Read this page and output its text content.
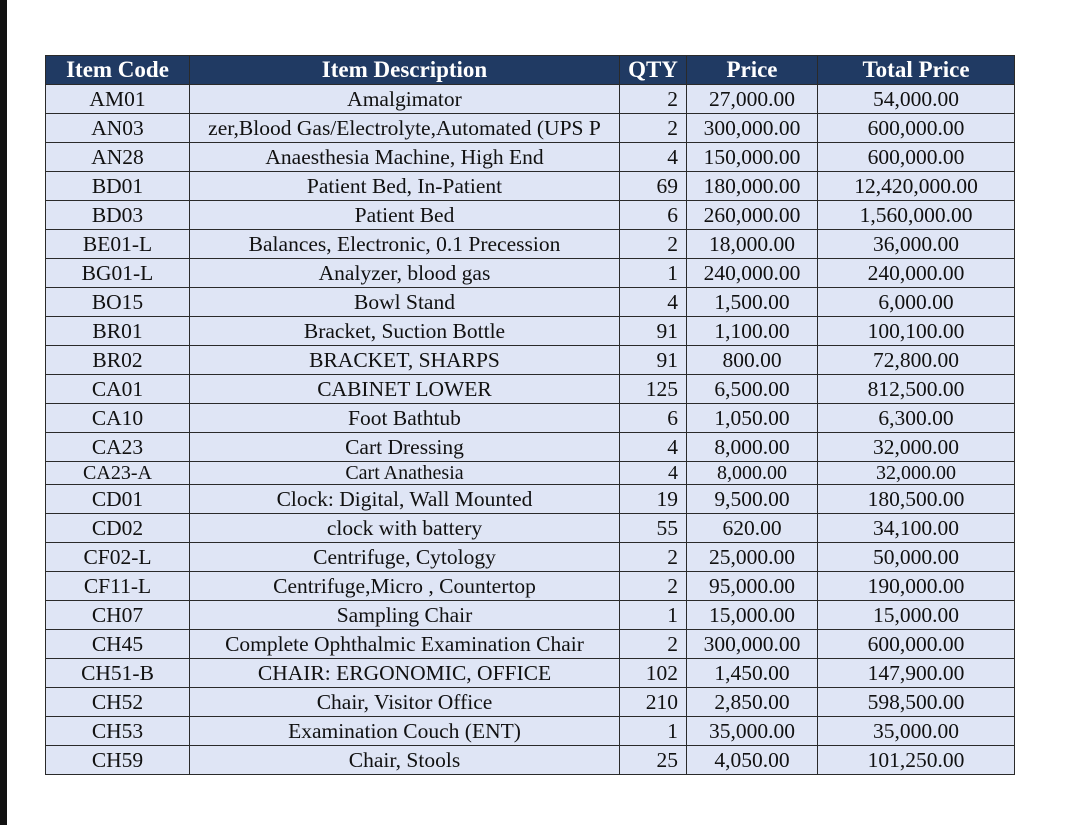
Item Code	Item Description	QTY	Price	Total Price
AM01	Amalgimator	2	27,000.00	54,000.00
AN03	zer,Blood Gas/Electrolyte,Automated (UPS P	2	300,000.00	600,000.00
AN28	Anaesthesia Machine, High End	4	150,000.00	600,000.00
BD01	Patient Bed, In-Patient	69	180,000.00	12,420,000.00
BD03	Patient Bed	6	260,000.00	1,560,000.00
BE01-L	Balances, Electronic, 0.1 Precession	2	18,000.00	36,000.00
BG01-L	Analyzer, blood gas	1	240,000.00	240,000.00
BO15	Bowl Stand	4	1,500.00	6,000.00
BR01	Bracket, Suction Bottle	91	1,100.00	100,100.00
BR02	BRACKET, SHARPS	91	800.00	72,800.00
CA01	CABINET LOWER	125	6,500.00	812,500.00
CA10	Foot Bathtub	6	1,050.00	6,300.00
CA23	Cart Dressing	4	8,000.00	32,000.00
CA23-A	Cart Anathesia	4	8,000.00	32,000.00
CD01	Clock: Digital, Wall Mounted	19	9,500.00	180,500.00
CD02	clock with battery	55	620.00	34,100.00
CF02-L	Centrifuge, Cytology	2	25,000.00	50,000.00
CF11-L	Centrifuge,Micro , Countertop	2	95,000.00	190,000.00
CH07	Sampling Chair	1	15,000.00	15,000.00
CH45	Complete Ophthalmic Examination Chair	2	300,000.00	600,000.00
CH51-B	CHAIR: ERGONOMIC, OFFICE	102	1,450.00	147,900.00
CH52	Chair, Visitor Office	210	2,850.00	598,500.00
CH53	Examination Couch (ENT)	1	35,000.00	35,000.00
CH59	Chair, Stools	25	4,050.00	101,250.00
